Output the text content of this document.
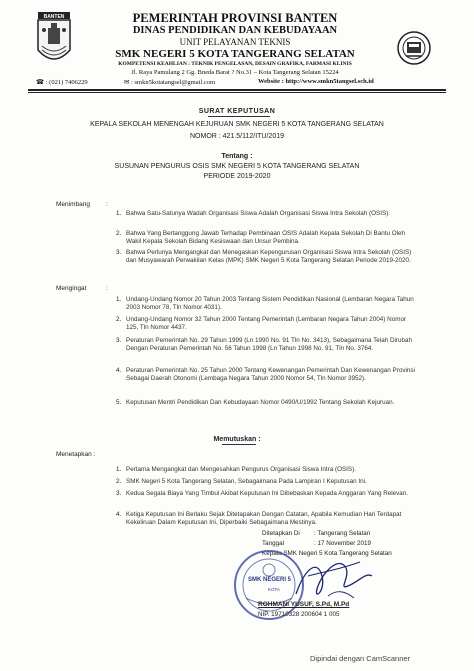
BANTEN	PEMERINTAH PROVINSI BANTEN
DINAS PENDIDIKAN DAN KEBUDAYAAN
UNIT PELAYANAN TEKNIS
SMK NEGERI 5 KOTA TANGERANG SELATAN
KOMPETENSI KEAHLIAN : TEKNIK PENGELASAN, DESAIN GRAFIKA, FARMASI KLINIS
Jl. Raya Pamulang 2 Gg. Bneda Barat ? No.31 – Kota Tangerang Selatan 15224
☎ : (021) 7406229	✉ : smkn5kotatangsel@gmail.com	Website : http://www.smkn5tangsel.sch.id
SURAT KEPUTUSAN
KEPALA SEKOLAH MENENGAH KEJURUAN SMK NEGERI 5 KOTA TANGERANG SELATAN
NOMOR : 421.5/112/ITU/2019
Tentang :
SUSUNAN PENGURUS OSIS SMK NEGERI 5 KOTA TANGERANG SELATAN
PERIODE 2019-2020
Menimbang :
1. Bahwa Satu-Satunya Wadah Organisasi Siswa Adalah Organisasi Siswa Intra Sekolah (OSIS).
2. Bahwa Yang Bertanggung Jawab Terhadap Pembinaan OSIS Adalah Kepala Sekolah Di Bantu Oleh Wakil Kepala Sekolah Bidang Kesiswaan dan Unsur Pembina.
3. Bahwa Perlunya Mengangkat dan Menegaskan Kepengurusan Organisasi Siswa Intra Sekolah (OSIS) dan Musyawarah Perwakilan Kelas (MPK) SMK Negeri 5 Kota Tangerang Selatan Periode 2019-2020.
Mengingat	:
1. Undang-Undang Nomor 20 Tahun 2003 Tentang Sistem Pendidikan Nasional (Lembaran Negara Tahun 2003 Nomor 78, Tln Nomor 4031).
2. Undang-Undang Nomor 32 Tahun 2000 Tentang Pemerintah (Lembaran Negara Tahun 2004) Nomor 125, Tln Nomor 4437.
3. Peraturan Pemerintah No. 29 Tahun 1999 (Ln 1990 No. 91 Tln No. 3413), Sebagaimana Telah Dirubah Dengan Peraturan Pemerintah No. 56 Tahun 1998 (Ln Tahun 1998 No. 91, Tln No. 3764.
4. Peraturan Pemerintah No. 25 Tahun 2000 Tentang Kewenangan Pemerintah Dan Kewenangan Provinsi Sebagai Daerah Otonomi (Lembaga Negara Tahun 2000 Nomor 54, Tln Nomor 3952).
5. Keputusan Mentri Pendidikan Dan Kebudayaan Nomor 0490/U/1992 Tentang Sekolah Kejuruan.
Memutuskan :
Menetapkan :
1. Pertama Mengangkat dan Mengesahkan Pengurus Organisasi Siswa Intra (OSIS).
2. SMK Negeri 5 Kota Tangerang Selatan, Sebagaimana Pada Lampiran I Keputusan Ini.
3. Kedua Segala Biaya Yang Timbul Akibat Keputusan Ini Dibebaskan Kepada Anggaran Yang Relevan.
4. Ketiga Keputusan Ini Berlaku Sejak Ditetapakan Dengan Catatan, Apabila Kemudian Hari Terdapat Kekeliruan Dalam Keputusan Ini, Diperbaiki Sebagaimana Mestinya.
Ditetapkan Di : Tangerang Selatan
Tanggal	: 17 November 2019
Kepala SMK Negeri 5 Kota Tangerang Selatan
SMK NEGERI 5
KOTA
ROHMANI YUSUF, S.Pd, M.Pd
NIP. 19710328 200604 1 005
Dipindai dengan CamScanner
